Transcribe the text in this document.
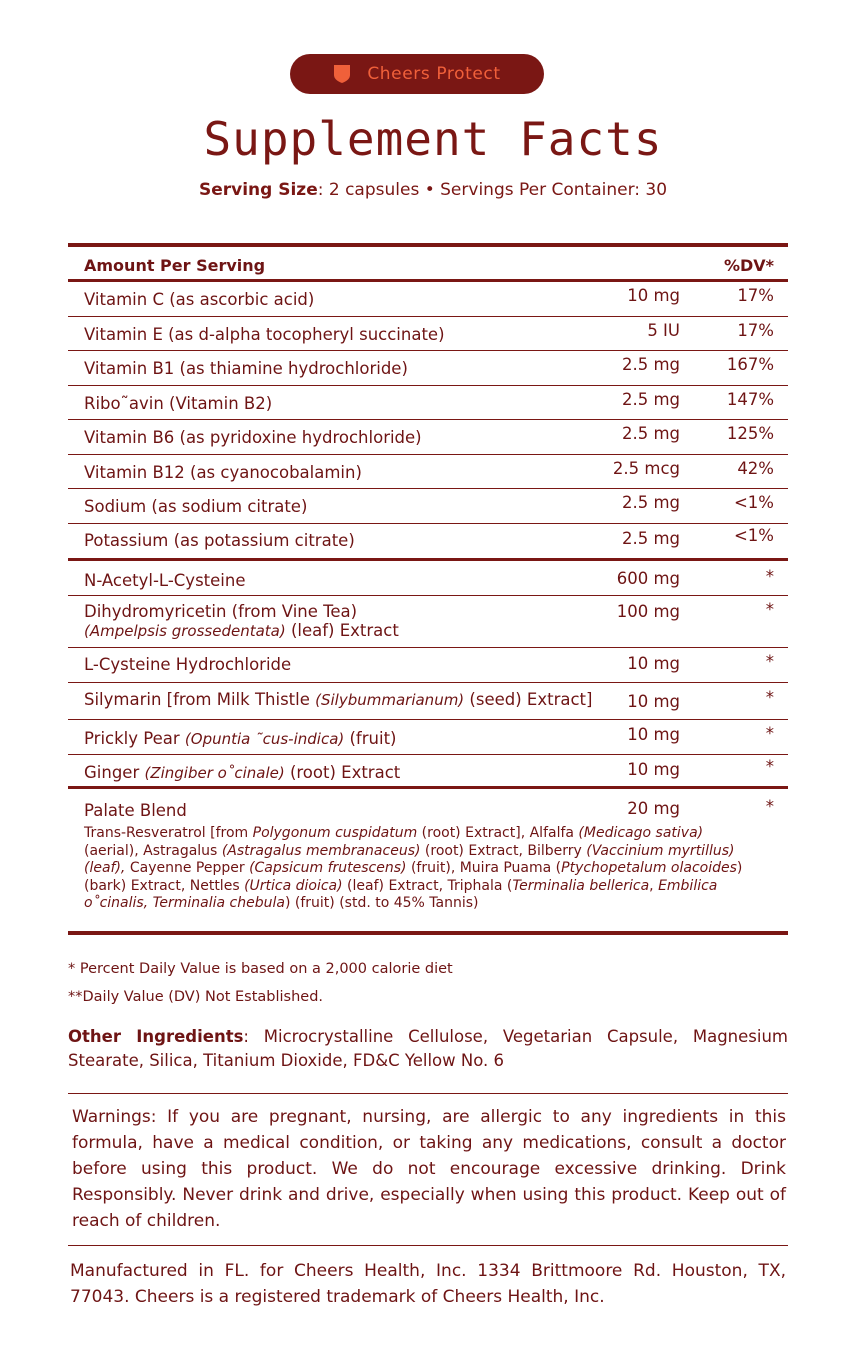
Cheers Protect
Supplement Facts
Serving Size: 2 capsules • Servings Per Container: 30
Amount Per Serving	%DV*
Vitamin C (as ascorbic acid)	10 mg	17%
Vitamin E (as d-alpha tocopheryl succinate)	5 IU	17%
Vitamin B1 (as thiamine hydrochloride)	2.5 mg	167%
Ribo˜avin (Vitamin B2)	2.5 mg	147%
Vitamin B6 (as pyridoxine hydrochloride)	2.5 mg	125%
Vitamin B12 (as cyanocobalamin)	2.5 mcg	42%
Sodium (as sodium citrate)	2.5 mg	<1%
Potassium (as potassium citrate)	2.5 mg	<1%
N-Acetyl-L-Cysteine	600 mg	*
Dihydromyricetin (from Vine Tea)
(Ampelpsis grossedentata) (leaf) Extract
100 mg	*
L-Cysteine Hydrochloride	10 mg	*
Silymarin [from Milk Thistle (Silybummarianum) (seed) Extract] 10 mg	*
Prickly Pear (Opuntia ˜cus-indica) (fruit)	10 mg	*
Ginger (Zingiber o˚cinale) (root) Extract	10 mg	*
Palate Blend	20 mg	*
Trans-Resveratrol [from Polygonum cuspidatum (root) Extract], Alfalfa (Medicago sativa) (aerial), Astragalus (Astragalus membranaceus) (root) Extract, Bilberry (Vaccinium myrtillus) (leaf), Cayenne Pepper (Capsicum frutescens) (fruit), Muira Puama (Ptychopetalum olacoides) (bark) Extract, Nettles (Urtica dioica) (leaf) Extract, Triphala (Terminalia bellerica, Embilica o˚cinalis, Terminalia chebula) (fruit) (std. to 45% Tannis)
* Percent Daily Value is based on a 2,000 calorie diet
**Daily Value (DV) Not Established.
Other Ingredients: Microcrystalline Cellulose, Vegetarian Capsule, Magnesium Stearate, Silica, Titanium Dioxide, FD&C Yellow No. 6
Warnings: If you are pregnant, nursing, are allergic to any ingredients in this formula, have a medical condition, or taking any medications, consult a doctor before using this product. We do not encourage excessive drinking. Drink Responsibly. Never drink and drive, especially when using this product. Keep out of reach of children.
Manufactured in FL. for Cheers Health, Inc. 1334 Brittmoore Rd. Houston, TX, 77043. Cheers is a registered trademark of Cheers Health, Inc.
